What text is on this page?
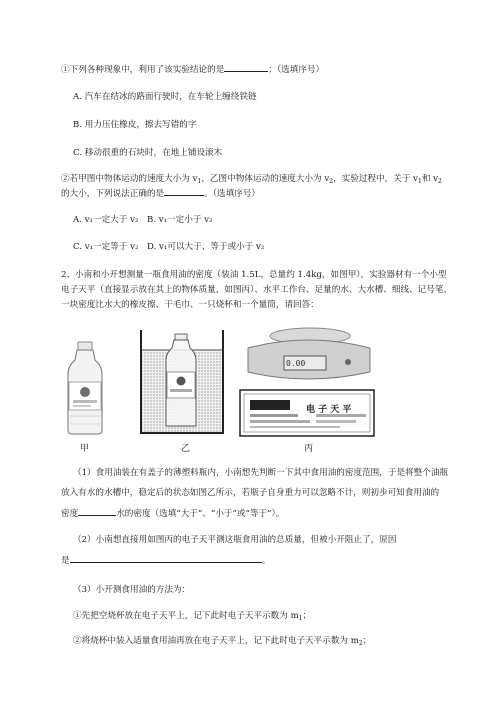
①下列各种现象中，利用了该实验结论的是	；（选填序号）
A. 汽车在结冰的路面行驶时，在车轮上缠绕铁链
B. 用力压住橡皮，擦去写错的字
C. 移动很重的石块时，在地上铺设滚木
②若甲图中物体运动的速度大小为 $v_1$，乙图中物体运动的速度大小为 $v_2$，实验过程中，关于 $v_1$和 $v_2$
的大小，下列说法正确的是	。（选填序号）
A. v₁一定大于 v₂ B. v₁一定小于 v₂
C. v₁一定等于 v₂ D. v₁可以大于、等于或小于 v₂
2、小南和小开想测量一瓶食用油的密度（装油 1.5L，总量约 1.4kg，如图甲），实验器材有一个小型
电子天平（直接显示放在其上的物体质量，如图丙）、水平工作台、足量的水、大水槽、细线、记号笔、
一块密度比水大的橡皮擦、干毛巾、一只烧杯和一个量筒，请回答：
电 子 天 平
0.00
甲	乙	丙
（1）食用油装在有盖子的薄塑料瓶内，小南想先判断一下其中食用油的密度范围，于是将整个油瓶
放入有水的水槽中，稳定后的状态如图乙所示，若瓶子自身重力可以忽略不计，则初步可知食用油的
密度	水的密度（选填“大于”、“小于”或“等于”）。
（2）小南想直接用如图丙的电子天平测这瓶食用油的总质量，但被小开阻止了，原因
是	。
（3）小开测食用油的方法为：
①先把空烧杯放在电子天平上，记下此时电子天平示数为 $m_1$；
②将烧杯中装入适量食用油再放在电子天平上，记下此时电子天平示数为 $m_2$；
